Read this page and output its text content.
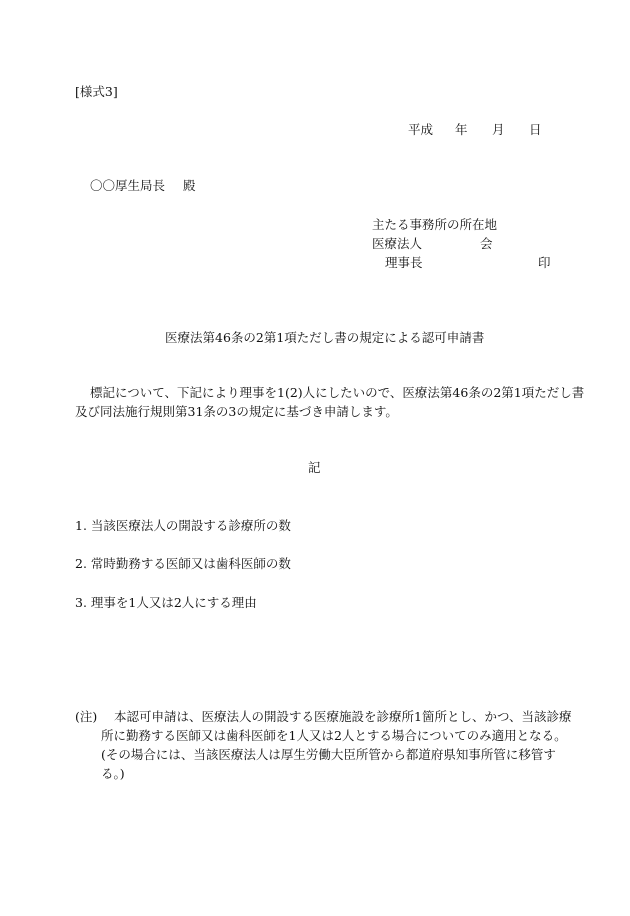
[様式3]
平成 年 月 日
〇〇厚生局長 殿
主たる事務所の所在地
医療法人	会
理事長	印
医療法第46条の2第1項ただし書の規定による認可申請書
標記について、下記により理事を1(2)人にしたいので、医療法第46条の2第1項ただし書
及び同法施行規則第31条の3の規定に基づき申請します。
記
1. 当該医療法人の開設する診療所の数
2. 常時勤務する医師又は歯科医師の数
3. 理事を1人又は2人にする理由
(注) 本認可申請は、医療法人の開設する医療施設を診療所1箇所とし、かつ、当該診療
所に勤務する医師又は歯科医師を1人又は2人とする場合についてのみ適用となる。
(その場合には、当該医療法人は厚生労働大臣所管から都道府県知事所管に移管す
る。)
